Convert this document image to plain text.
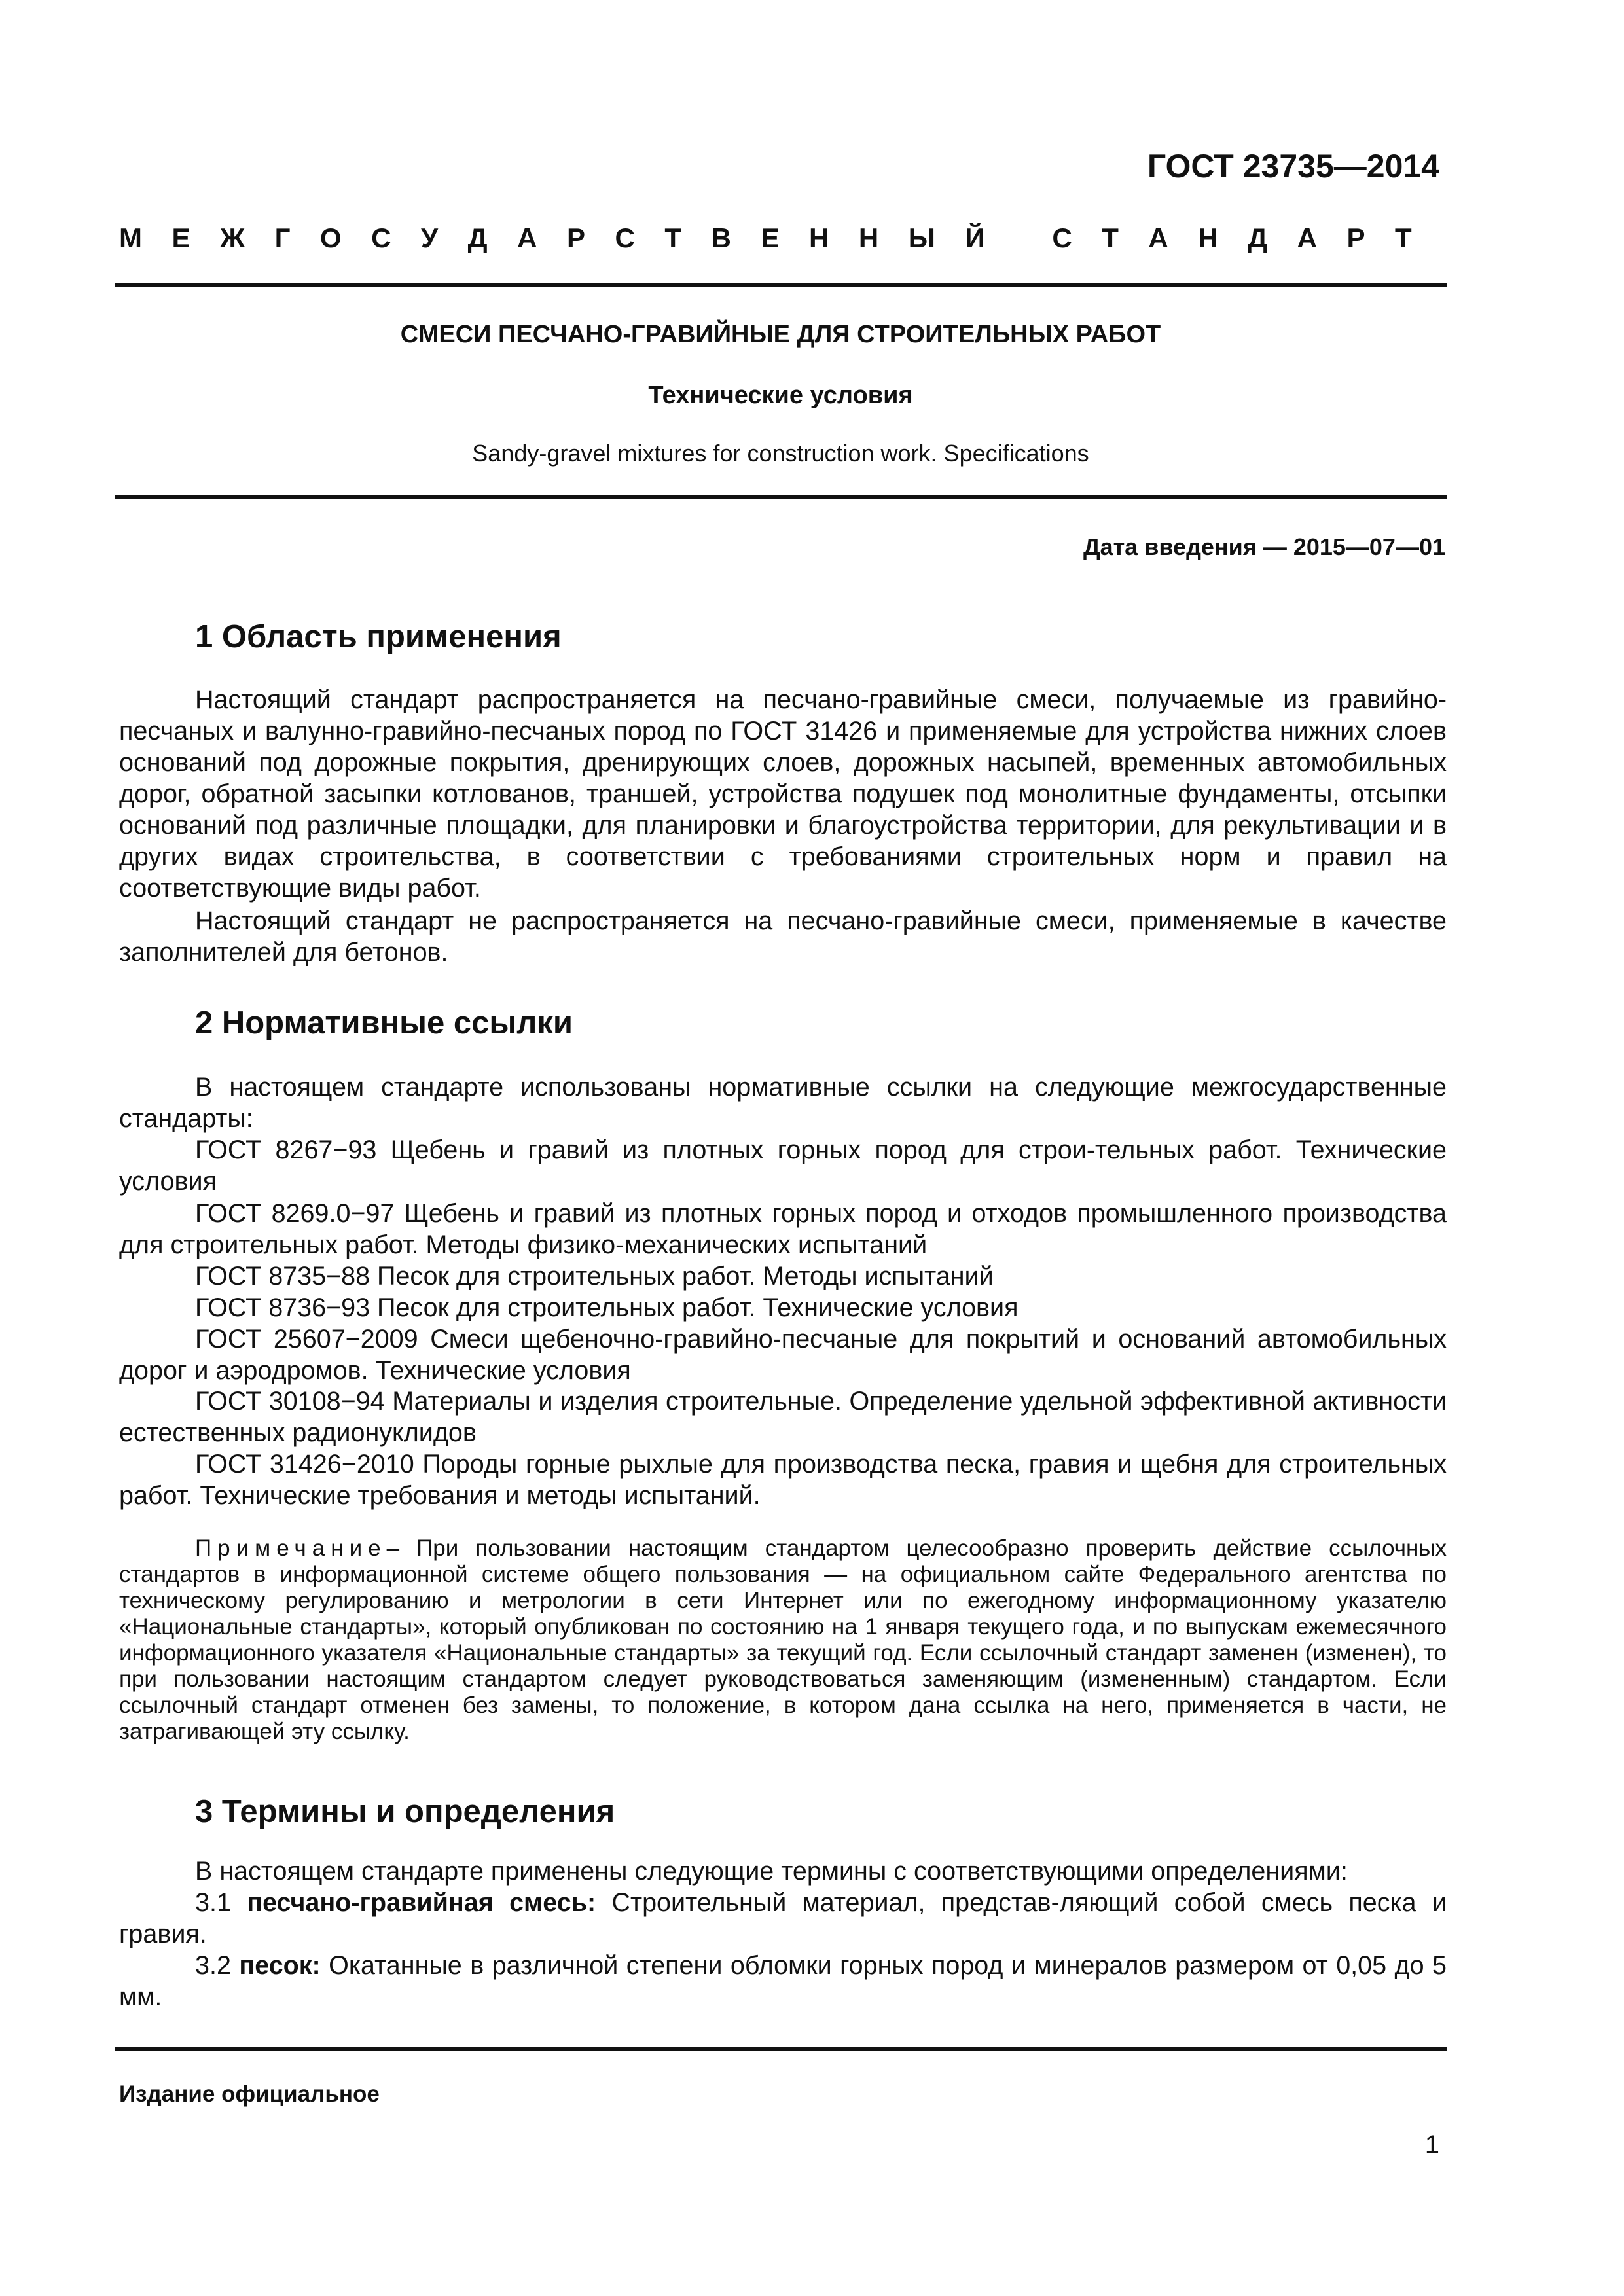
ГОСТ 23735—2014
М Е Ж Г О С У Д А Р С Т В Е Н Н Ы Й
С Т А Н Д А Р Т
СМЕСИ ПЕСЧАНО-ГРАВИЙНЫЕ ДЛЯ СТРОИТЕЛЬНЫХ РАБОТ
Технические условия
Sandy-gravel mixtures for construction work. Specifications
Дата введения — 2015—07—01
1 Область применения

Настоящий стандарт распространяется на песчано-гравийные смеси, получаемые из гравийно-песчаных и валунно-гравийно-песчаных пород по ГОСТ 31426 и применяемые для устройства нижних слоев оснований под дорожные покрытия, дренирующих слоев, дорожных насыпей, временных автомобильных дорог, обратной засыпки котлованов, траншей, устройства подушек под монолитные фундаменты, отсыпки оснований под различные площадки, для планировки и благоустройства территории, для рекультивации и в других видах строительства, в соответствии с требованиями строительных норм и правил на соответствующие виды работ.

Настоящий стандарт не распространяется на песчано-гравийные смеси, применяемые в качестве заполнителей для бетонов.

2 Нормативные ссылки

В настоящем стандарте использованы нормативные ссылки на следующие межгосударственные стандарты:

ГОСТ 8267−93 Щебень и гравий из плотных горных пород для строи-тельных работ. Технические условия

ГОСТ 8269.0−97 Щебень и гравий из плотных горных пород и отходов промышленного производства для строительных работ. Методы физико-механических испытаний

ГОСТ 8735−88 Песок для строительных работ. Методы испытаний

ГОСТ 8736−93 Песок для строительных работ. Технические условия

ГОСТ 25607−2009 Смеси щебеночно-гравийно-песчаные для покрытий и оснований автомобильных дорог и аэродромов. Технические условия

ГОСТ 30108−94 Материалы и изделия строительные. Определение удельной эффективной активности естественных радионуклидов

ГОСТ 31426−2010 Породы горные рыхлые для производства песка, гравия и щебня для строительных работ. Технические требования и методы испытаний.

Примечание– При пользовании настоящим стандартом целесообразно проверить действие ссылочных стандартов в информационной системе общего пользования — на официальном сайте Федерального агентства по техническому регулированию и метрологии в сети Интернет или по ежегодному информационному указателю «Национальные стандарты», который опубликован по состоянию на 1 января текущего года, и по выпускам ежемесячного информационного указателя «Национальные стандарты» за текущий год. Если ссылочный стандарт заменен (изменен), то при пользовании настоящим стандартом следует руководствоваться заменяющим (измененным) стандартом. Если ссылочный стандарт отменен без замены, то положение, в котором дана ссылка на него, применяется в части, не затрагивающей эту ссылку.

3 Термины и определения

В настоящем стандарте применены следующие термины с соответствующими определениями:

3.1 песчано-гравийная смесь: Строительный материал, представ-ляющий собой смесь песка и гравия.

3.2 песок: Окатанные в различной степени обломки горных пород и минералов размером от 0,05 до 5 мм.

Издание официальное
1
